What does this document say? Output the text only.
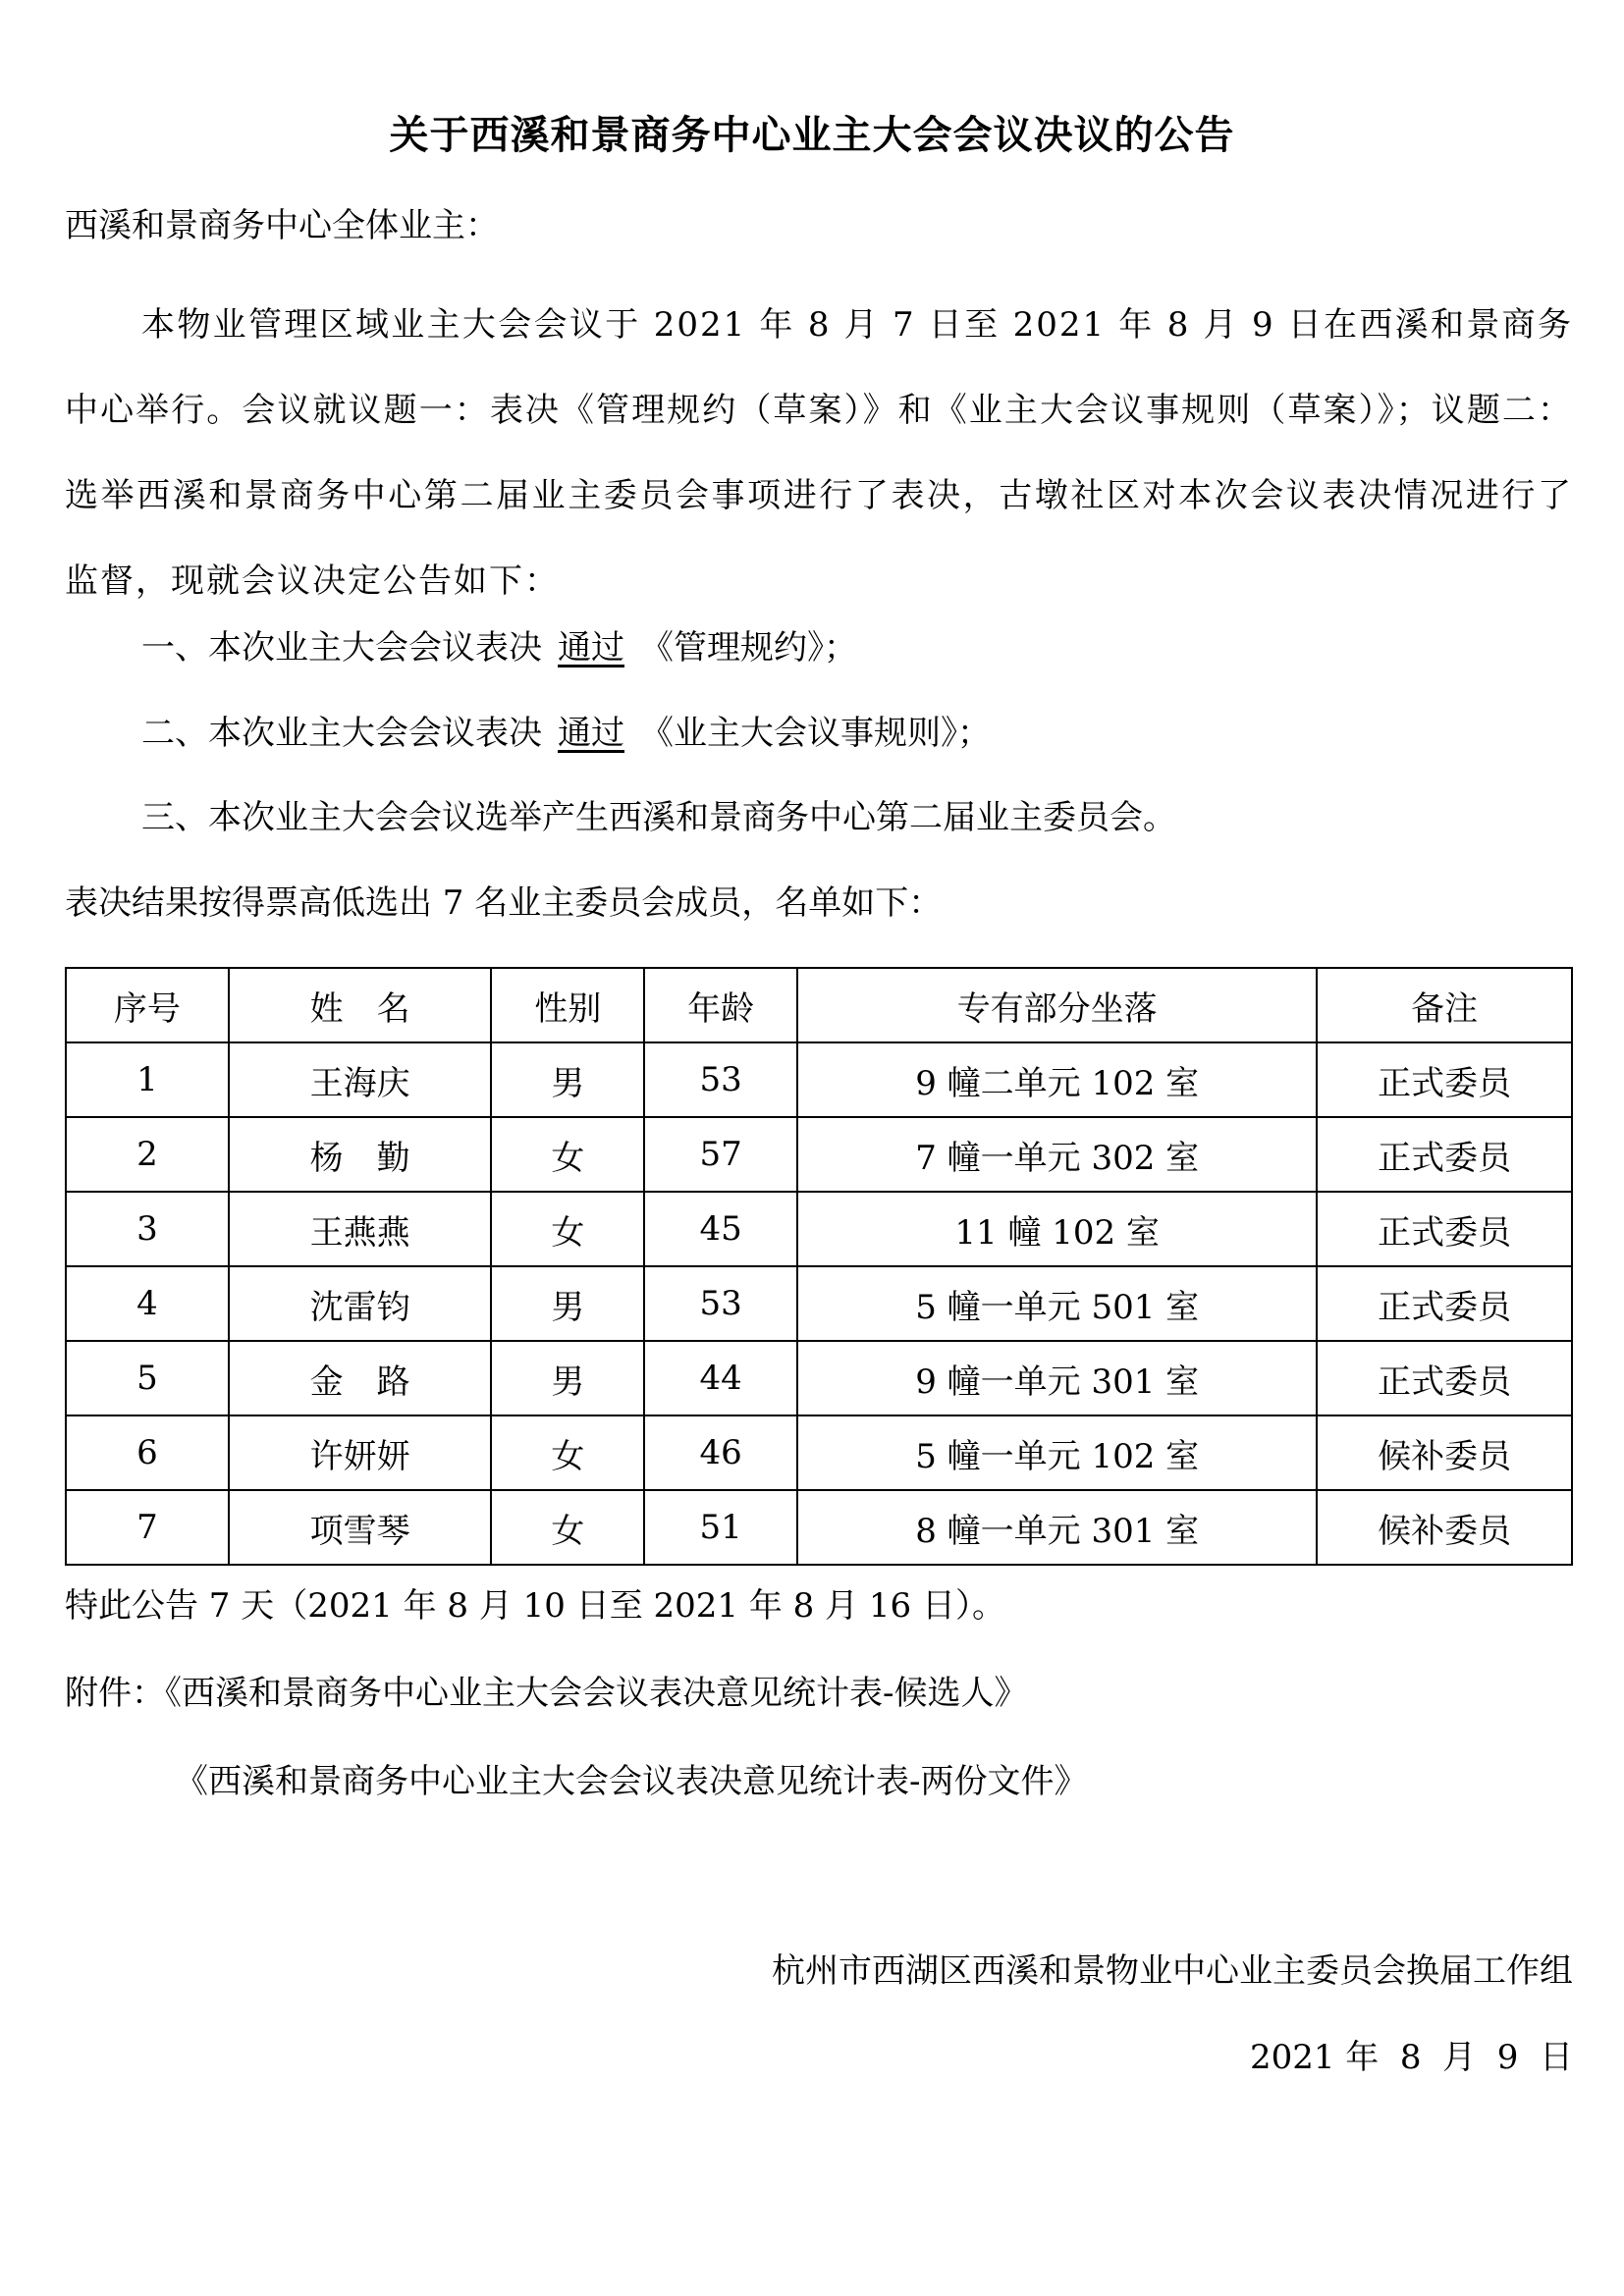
关于西溪和景商务中心业主大会会议决议的公告
西溪和景商务中心全体业主：
本物业管理区域业主大会会议于 2021 年 8 月 7 日至 2021 年 8 月 9 日在西溪和景商务中心举行。会议就议题一：表决《管理规约（草案）》和《业主大会议事规则（草案）》；议题二：选举西溪和景商务中心第二届业主委员会事项进行了表决，古墩社区对本次会议表决情况进行了监督，现就会议决定公告如下：
一、本次业主大会会议表决 通过 《管理规约》；
二、本次业主大会会议表决 通过 《业主大会议事规则》；
三、本次业主大会会议选举产生西溪和景商务中心第二届业主委员会。
表决结果按得票高低选出 7 名业主委员会成员，名单如下：
序号	姓　名	性别	年龄	专有部分坐落	备注
1	王海庆	男	53	9 幢二单元 102 室	正式委员
2	杨　勤	女	57	7 幢一单元 302 室	正式委员
3	王燕燕	女	45	11 幢 102 室	正式委员
4	沈雷钧	男	53	5 幢一单元 501 室	正式委员
5	金　路	男	44	9 幢一单元 301 室	正式委员
6	许妍妍	女	46	5 幢一单元 102 室	候补委员
7	项雪琴	女	51	8 幢一单元 301 室	候补委员
特此公告 7 天（2021 年 8 月 10 日至 2021 年 8 月 16 日）。
附件：《西溪和景商务中心业主大会会议表决意见统计表-候选人》
《西溪和景商务中心业主大会会议表决意见统计表-两份文件》
杭州市西湖区西溪和景物业中心业主委员会换届工作组
2021 年  8  月  9  日
